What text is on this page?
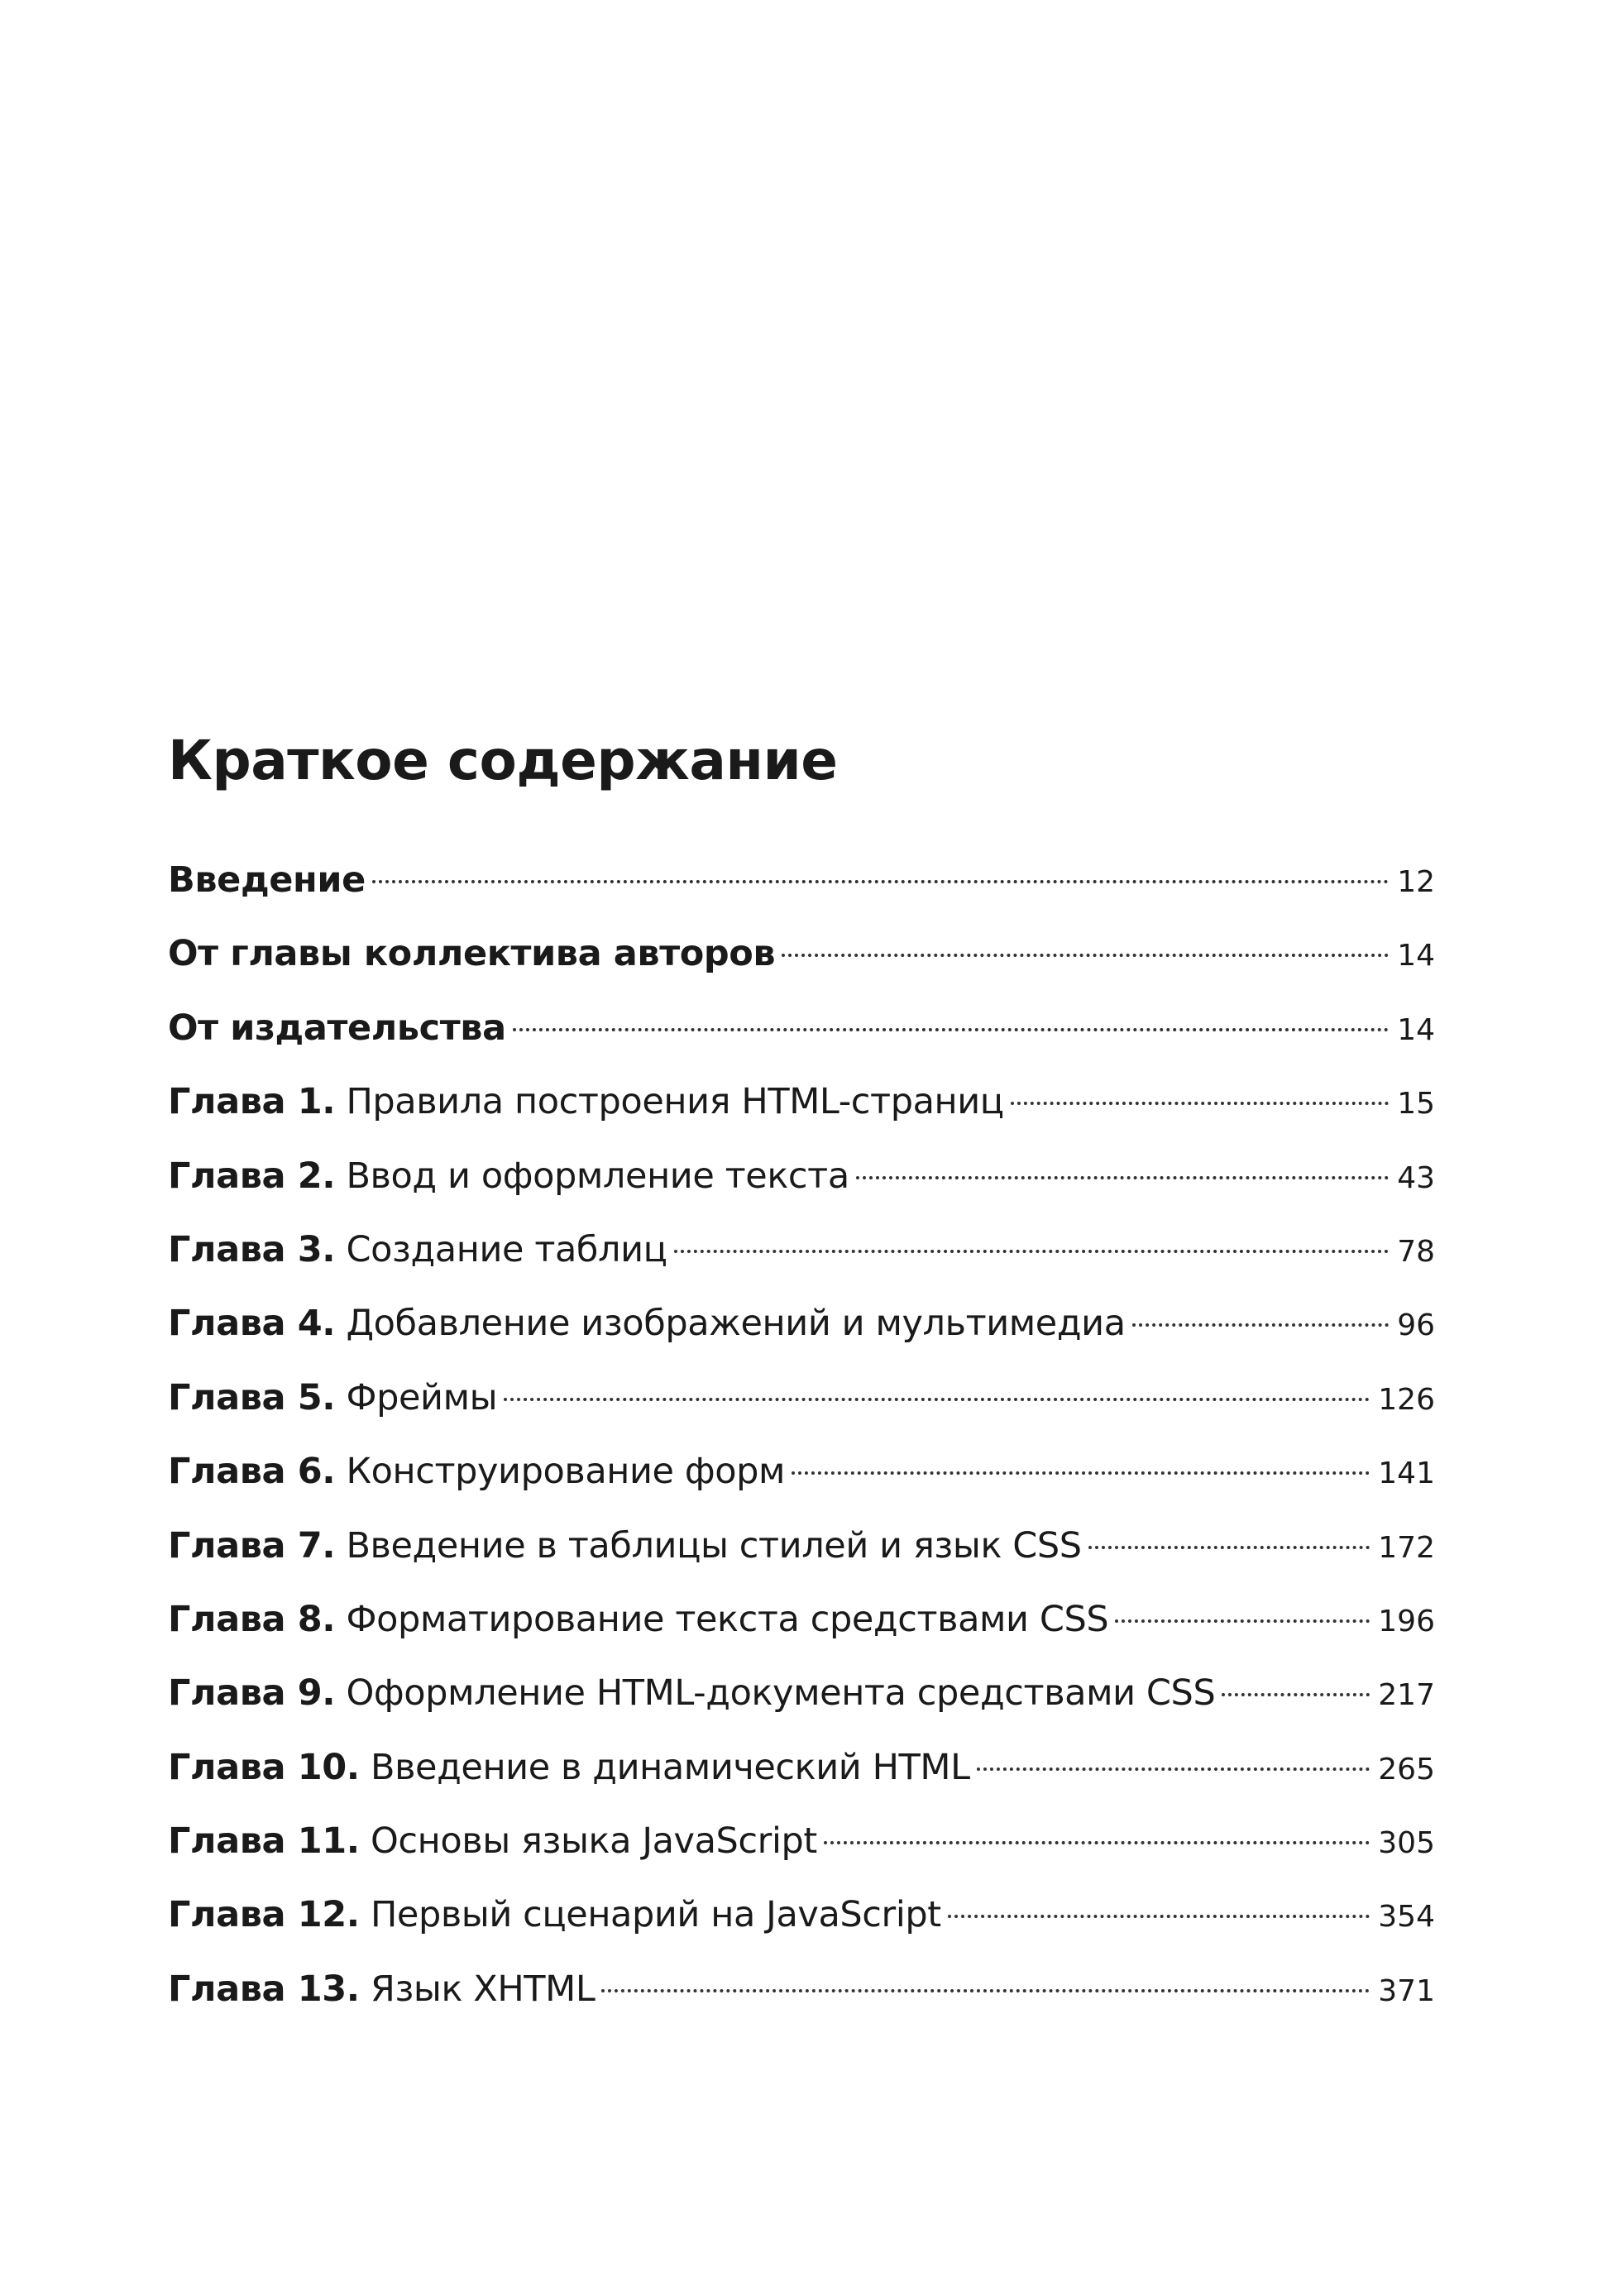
Краткое содержание
Введение	12
От главы коллектива авторов	14
От издательства	14
Глава 1. Правила построения HTML-страниц	15
Глава 2. Ввод и оформление текста	43
Глава 3. Создание таблиц	78
Глава 4. Добавление изображений и мультимедиа	96
Глава 5. Фреймы	126
Глава 6. Конструирование форм	141
Глава 7. Введение в таблицы стилей и язык CSS	172
Глава 8. Форматирование текста средствами CSS	196
Глава 9. Оформление HTML-документа средствами CSS	217
Глава 10. Введение в динамический HTML	265
Глава 11. Основы языка JavaScript	305
Глава 12. Первый сценарий на JavaScript	354
Глава 13. Язык XHTML	371
